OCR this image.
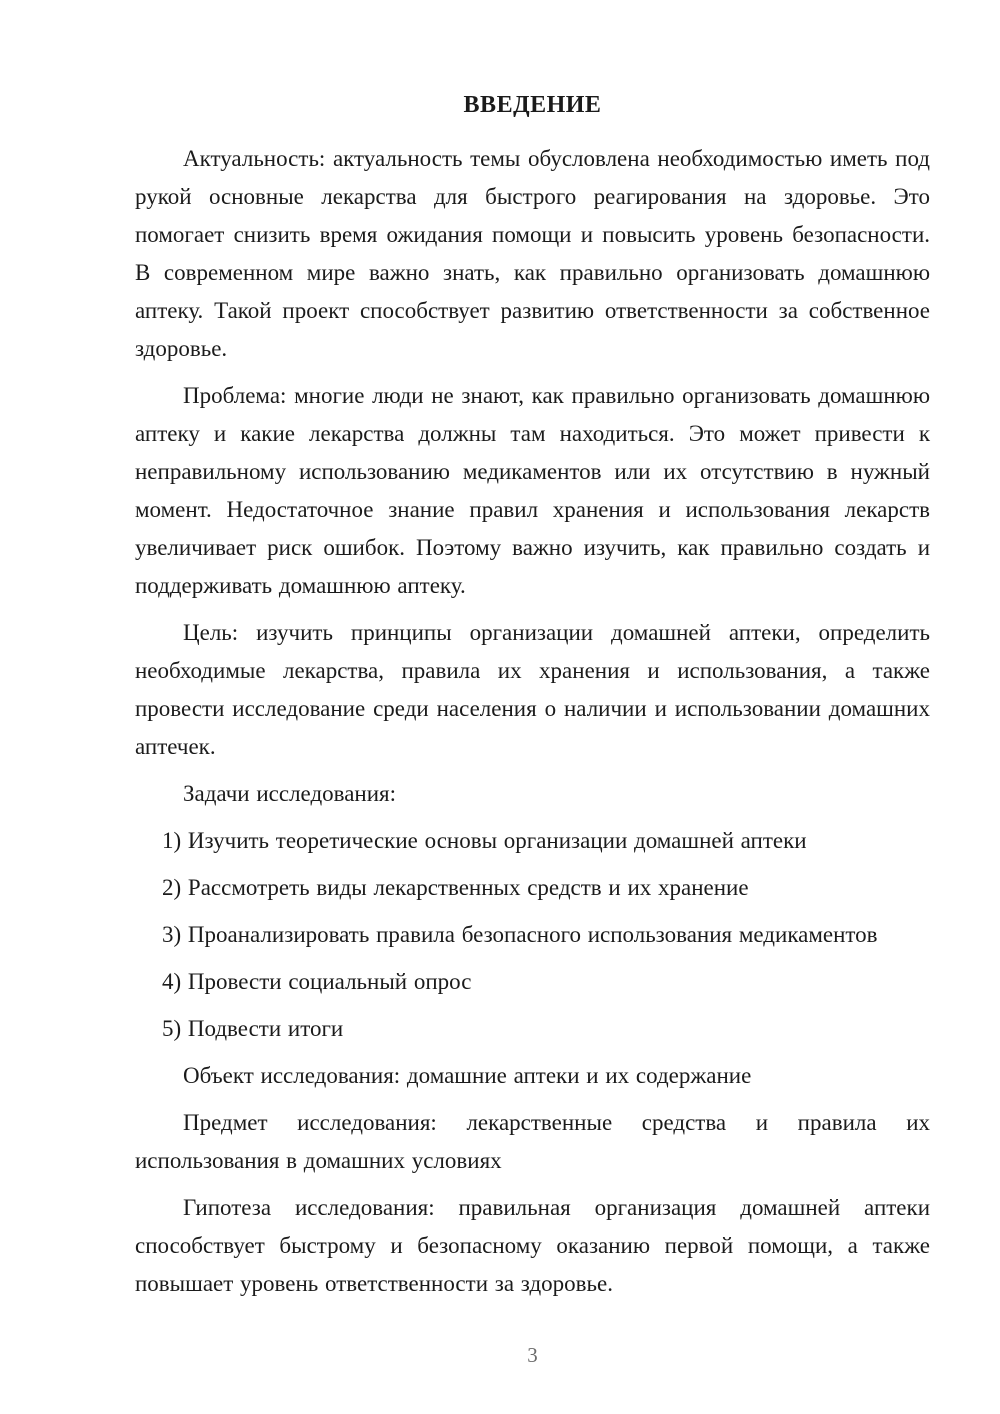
ВВЕДЕНИЕ

Актуальность: актуальность темы обусловлена необходимостью иметь под рукой основные лекарства для быстрого реагирования на здоровье. Это помогает снизить время ожидания помощи и повысить уровень безопасности. В современном мире важно знать, как правильно организовать домашнюю аптеку. Такой проект способствует развитию ответственности за собственное здоровье.

Проблема: многие люди не знают, как правильно организовать домашнюю аптеку и какие лекарства должны там находиться. Это может привести к неправильному использованию медикаментов или их отсутствию в нужный момент. Недостаточное знание правил хранения и использования лекарств увеличивает риск ошибок. Поэтому важно изучить, как правильно создать и поддерживать домашнюю аптеку.

Цель: изучить принципы организации домашней аптеки, определить необходимые лекарства, правила их хранения и использования, а также провести исследование среди населения о наличии и использовании домашних аптечек.

Задачи исследования:

1) Изучить теоретические основы организации домашней аптеки

2) Рассмотреть виды лекарственных средств и их хранение

3) Проанализировать правила безопасного использования медикаментов

4) Провести социальный опрос

5) Подвести итоги

Объект исследования: домашние аптеки и их содержание

Предмет исследования: лекарственные средства и правила их использования в домашних условиях

Гипотеза исследования: правильная организация домашней аптеки способствует быстрому и безопасному оказанию первой помощи, а также повышает уровень ответственности за здоровье.

3
